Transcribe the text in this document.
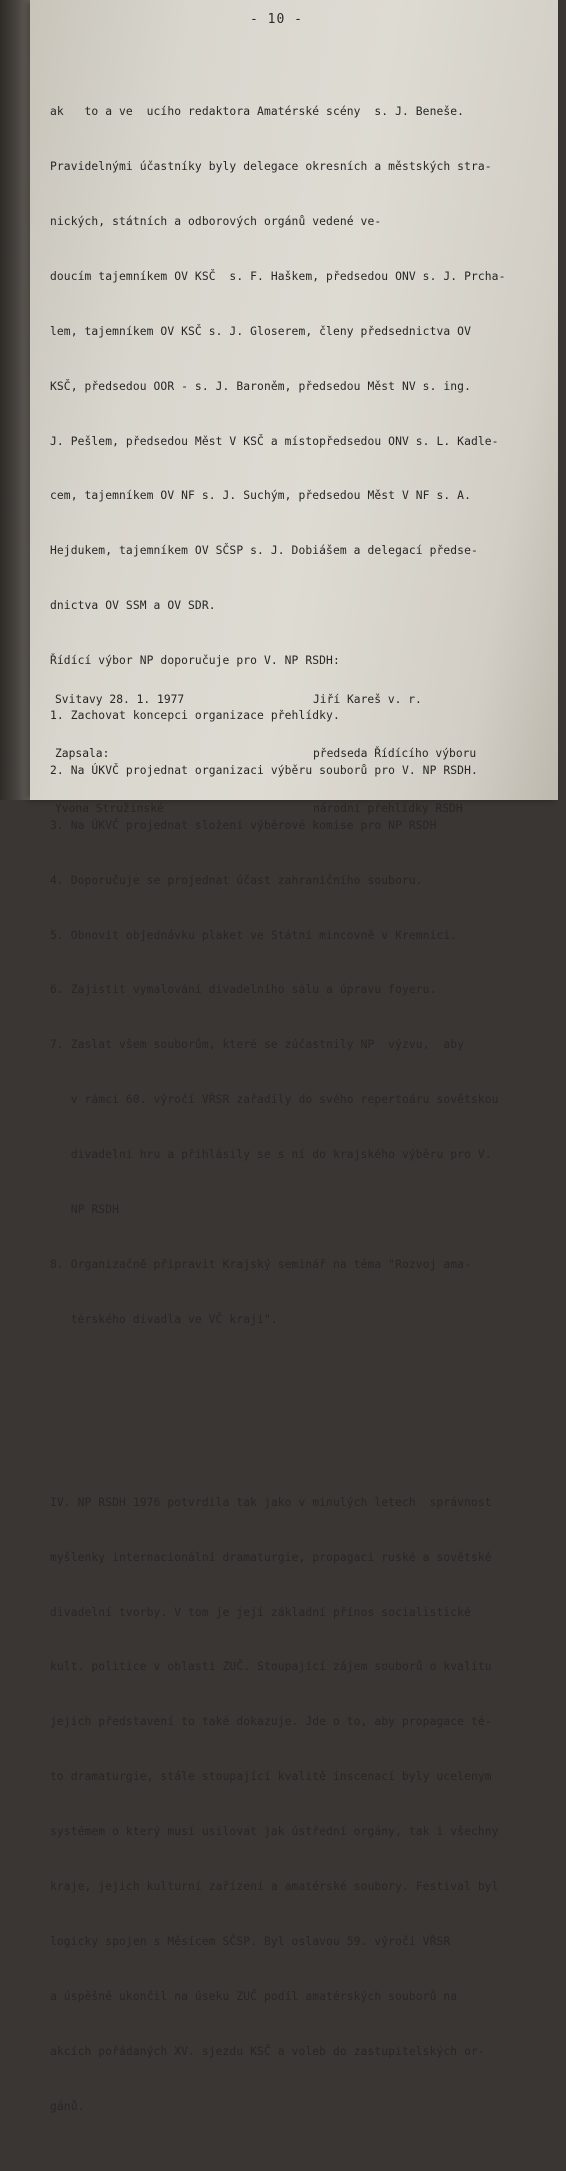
- 10 -

ak   to a ve  ucího redaktora Amatérské scény  s. J. Beneše.

Pravidelnými účastníky byly delegace okresních a městských stra-

nických, státních a odborových orgánů vedené ve-

doucím tajemníkem OV KSČ  s. F. Haškem, předsedou ONV s. J. Prcha-

lem, tajemníkem OV KSČ s. J. Gloserem, členy předsednictva OV

KSČ, předsedou OOR - s. J. Baroněm, předsedou Měst NV s. ing.

J. Pešlem, předsedou Měst V KSČ a místopředsedou ONV s. L. Kadle-

cem, tajemníkem OV NF s. J. Suchým, předsedou Měst V NF s. A.

Hejdukem, tajemníkem OV SČSP s. J. Dobiášem a delegací předse-

dnictva OV SSM a OV SDR.

Řídící výbor NP doporučuje pro V. NP RSDH:

1. Zachovat koncepci organizace přehlídky.

2. Na ÚKVČ projednat organizaci výběru souborů pro V. NP RSDH.

3. Na ÚKVČ projednat složení výběrové komise pro NP RSDH

4. Doporučuje se projednat účast zahraničního souboru.

5. Obnovit objednávku plaket ve Státní mincovně v Kremnici.

6. Zajistit vymalování divadelního sálu a úpravu foyeru.

7. Zaslat všem souborům, které se zúčastnily NP  výzvu,  aby

v rámci 60. výročí VŘSR zařadily do svého repertoáru sovětskou

divadelní hru a přihlásily se s ní do krajského výběru pro V.

NP RSDH

8. Organizačně připravit Krajský seminář na téma "Rozvoj ama-

térského divadla ve VČ kraji".

IV. NP RSDH 1976 potvrdila tak jako v minulých letech  správnost

myšlenky internacionální dramaturgie, propagaci ruské a sovětské

divadelní tvorby. V tom je její základní přínos socialistické

kult. politice v oblasti ZUČ. Stoupající zájem souborů o kvalitu

jejich představení to také dokazuje. Jde o to, aby propagace té-

to dramaturgie, stále stoupající kvalitě inscenací byly ucelenym

systémem o který musí usilovat jak ústřední orgány, tak i všechny

kraje, jejich kulturní zařízení a amatérské soubory. Festival byl

logicky spojen s Měsícem SČSP. Byl oslavou 59. výročí VŘSR

a úspěšně ukončil na úseku ZUČ podíl amatérských souborů na

akcích pořádaných XV. sjezdu KSČ a voleb do zastupitelských or-

gánů.

Svitavy 28. 1. 1977

Zapsala:

Yvona Stružinské

Jiří Kareš v. r.

předseda Řídícího výboru

národní přehlídky RSDH
